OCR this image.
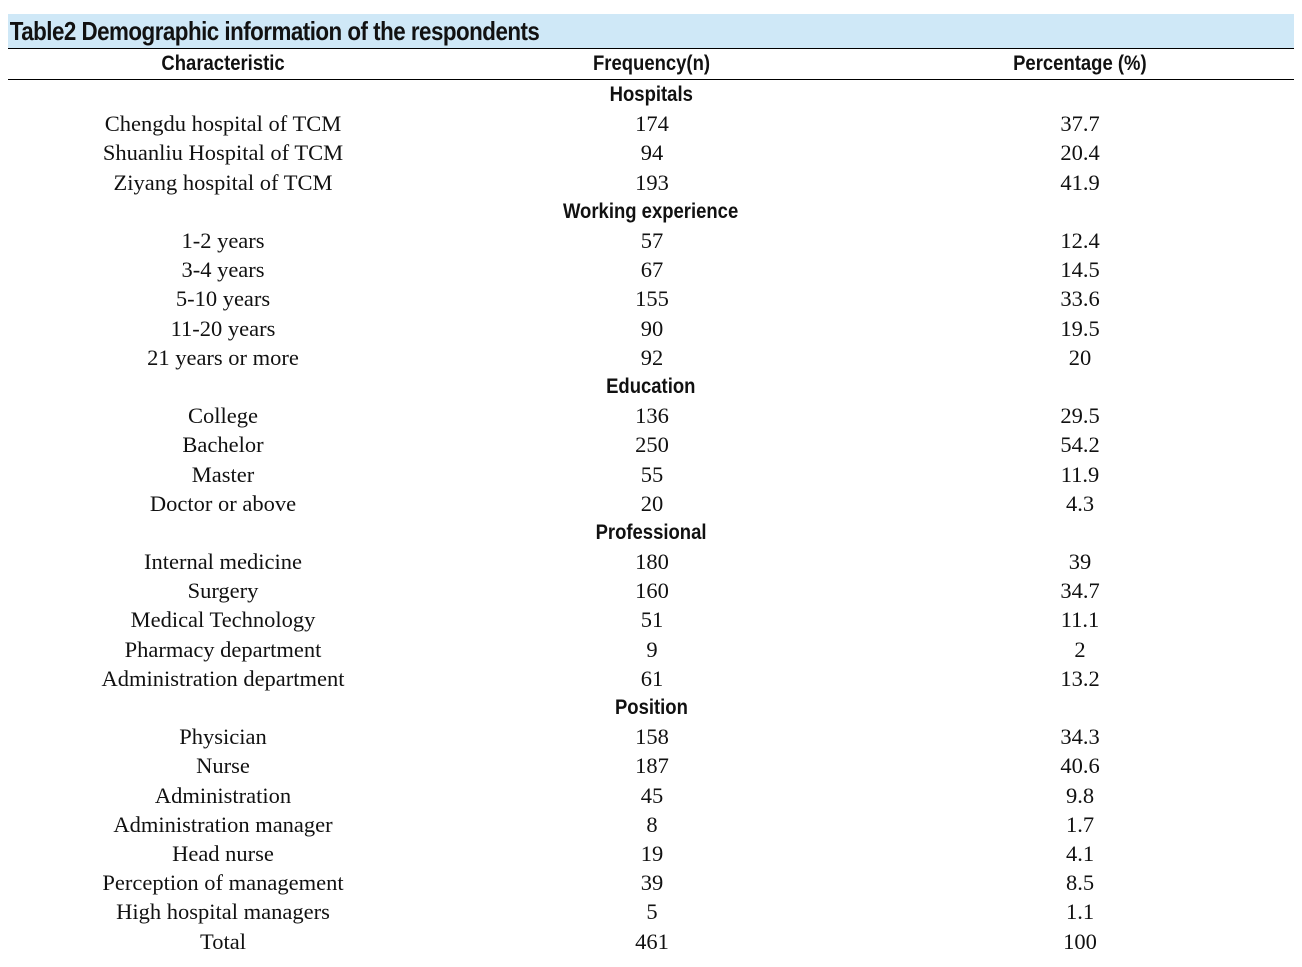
Table2 Demographic information of the respondents
Characteristic	Frequency(n)	Percentage (%)
Hospitals		
Chengdu hospital of TCM	174	37.7
Shuanliu Hospital of TCM	94	20.4
Ziyang hospital of TCM	193	41.9
Working experience		
1-2 years	57	12.4
3-4 years	67	14.5
5-10 years	155	33.6
11-20 years	90	19.5
21 years or more	92	20
Education		
College	136	29.5
Bachelor	250	54.2
Master	55	11.9
Doctor or above	20	4.3
Professional		
Internal medicine	180	39
Surgery	160	34.7
Medical Technology	51	11.1
Pharmacy department	9	2
Administration department	61	13.2
Position		
Physician	158	34.3
Nurse	187	40.6
Administration	45	9.8
Administration manager	8	1.7
Head nurse	19	4.1
Perception of management	39	8.5
High hospital managers	5	1.1
Total	461	100
